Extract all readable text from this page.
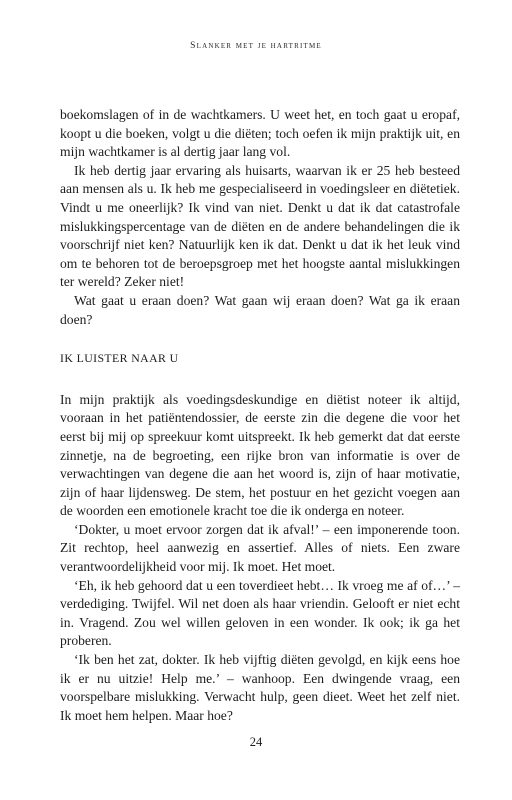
Slanker met je hartritme

boekomslagen of in de wachtkamers. U weet het, en toch gaat u eropaf, koopt u die boeken, volgt u die diëten; toch oefen ik mijn praktijk uit, en mijn wachtkamer is al dertig jaar lang vol.

Ik heb dertig jaar ervaring als huisarts, waarvan ik er 25 heb besteed aan mensen als u. Ik heb me gespecialiseerd in voedingsleer en diëtetiek. Vindt u me oneerlijk? Ik vind van niet. Denkt u dat ik dat catastrofale mislukkingspercentage van de diëten en de andere behandelingen die ik voorschrijf niet ken? Natuurlijk ken ik dat. Denkt u dat ik het leuk vind om te behoren tot de beroepsgroep met het hoogste aantal mislukkingen ter wereld? Zeker niet!

Wat gaat u eraan doen? Wat gaan wij eraan doen? Wat ga ik eraan doen?

IK LUISTER NAAR U

In mijn praktijk als voedingsdeskundige en diëtist noteer ik altijd, vooraan in het patiëntendossier, de eerste zin die degene die voor het eerst bij mij op spreekuur komt uitspreekt. Ik heb gemerkt dat dat eerste zinnetje, na de begroeting, een rijke bron van informatie is over de verwachtingen van degene die aan het woord is, zijn of haar motivatie, zijn of haar lijdensweg. De stem, het postuur en het gezicht voegen aan de woorden een emotionele kracht toe die ik onderga en noteer.

‘Dokter, u moet ervoor zorgen dat ik afval!’ – een imponerende toon. Zit rechtop, heel aanwezig en assertief. Alles of niets. Een zware verantwoordelijkheid voor mij. Ik moet. Het moet.

‘Eh, ik heb gehoord dat u een toverdieet hebt… Ik vroeg me af of…’ – verdediging. Twijfel. Wil net doen als haar vriendin. Gelooft er niet echt in. Vragend. Zou wel willen geloven in een wonder. Ik ook; ik ga het proberen.

‘Ik ben het zat, dokter. Ik heb vijftig diëten gevolgd, en kijk eens hoe ik er nu uitzie! Help me.’ – wanhoop. Een dwingende vraag, een voorspelbare mislukking. Verwacht hulp, geen dieet. Weet het zelf niet. Ik moet hem helpen. Maar hoe?

24
